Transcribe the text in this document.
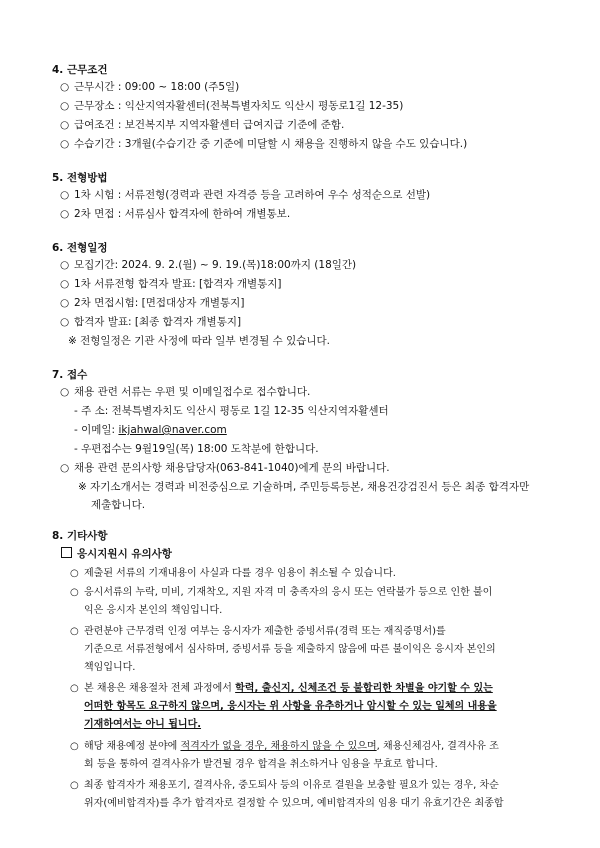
4. 근무조건
○ 근무시간 : 09:00 ~ 18:00 (주5일)
○ 근무장소 : 익산지역자활센터(전북특별자치도 익산시 평동로1길 12-35)
○ 급여조건 : 보건복지부 지역자활센터 급여지급 기준에 준함.
○ 수습기간 : 3개월(수습기간 중 기준에 미달할 시 채용을 진행하지 않을 수도 있습니다.)
5. 전형방법
○ 1차 시험 : 서류전형(경력과 관련 자격증 등을 고려하여 우수 성적순으로 선발)
○ 2차 면접 : 서류심사 합격자에 한하여 개별통보.
6. 전형일정
○ 모집기간: 2024. 9. 2.(월) ~ 9. 19.(목)18:00까지 (18일간)
○ 1차 서류전형 합격자 발표: [합격자 개별통지]
○ 2차 면접시험: [면접대상자 개별통지]
○ 합격자 발표: [최종 합격자 개별통지]
※ 전형일정은 기관 사정에 따라 일부 변경될 수 있습니다.
7. 접수
○ 채용 관련 서류는 우편 및 이메일접수로 접수합니다.
- 주 소: 전북특별자치도 익산시 평동로 1길 12-35 익산지역자활센터
- 이메일: ikjahwal@naver.com
- 우편접수는 9월19일(목) 18:00 도착분에 한합니다.
○ 채용 관련 문의사항 채용담당자(063-841-1040)에게 문의 바랍니다.
※ 자기소개서는 경력과 비전중심으로 기술하며, 주민등록등본, 채용건강검진서 등은 최종 합격자만
제출합니다.
8. 기타사항
응시지원시 유의사항
○ 제출된 서류의 기재내용이 사실과 다를 경우 임용이 취소될 수 있습니다.
○ 응시서류의 누락, 미비, 기재착오, 지원 자격 미 충족자의 응시 또는 연락불가 등으로 인한 불이
익은 응시자 본인의 책임입니다.
○ 관련분야 근무경력 인정 여부는 응시자가 제출한 증빙서류(경력 또는 재직증명서)를
기준으로 서류전형에서 심사하며, 증빙서류 등을 제출하지 않음에 따른 불이익은 응시자 본인의
책임입니다.
○ 본 채용은 채용절차 전체 과정에서 학력, 출신지, 신체조건 등 불합리한 차별을 야기할 수 있는
어떠한 항목도 요구하지 않으며, 응시자는 위 사항을 유추하거나 암시할 수 있는 일체의 내용을
기재하여서는 아니 됩니다.
○ 해당 채용예정 분야에 적격자가 없을 경우, 채용하지 않을 수 있으며, 채용신체검사, 결격사유 조
회 등을 통하여 결격사유가 발견될 경우 합격을 취소하거나 임용을 무효로 합니다.
○ 최종 합격자가 채용포기, 결격사유, 중도퇴사 등의 이유로 결원을 보충할 필요가 있는 경우, 차순
위자(예비합격자)를 추가 합격자로 결정할 수 있으며, 예비합격자의 임용 대기 유효기간은 최종합
